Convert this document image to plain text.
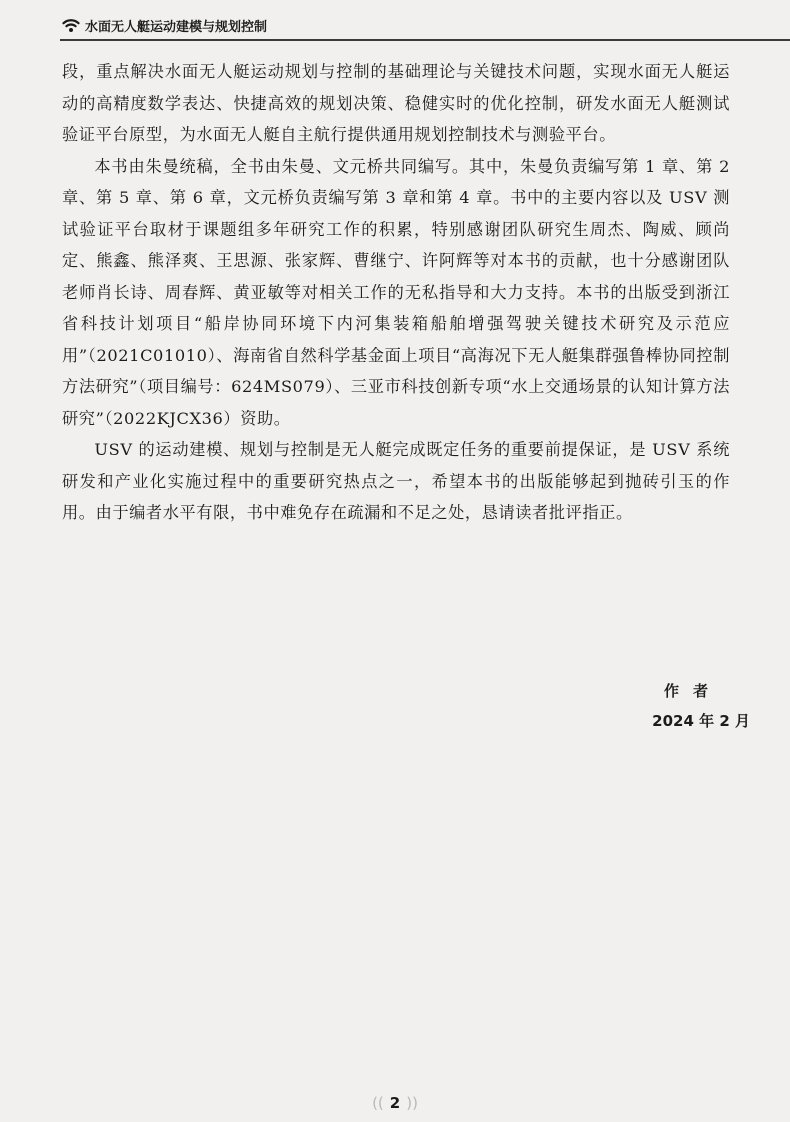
水面无人艇运动建模与规划控制

段，重点解决水面无人艇运动规划与控制的基础理论与关键技术问题，实现水面无人艇运动的高精度数学表达、快捷高效的规划决策、稳健实时的优化控制，研发水面无人艇测试验证平台原型，为水面无人艇自主航行提供通用规划控制技术与测验平台。

本书由朱曼统稿，全书由朱曼、文元桥共同编写。其中，朱曼负责编写第 1 章、第 2 章、第 5 章、第 6 章，文元桥负责编写第 3 章和第 4 章。书中的主要内容以及 USV 测试验证平台取材于课题组多年研究工作的积累，特别感谢团队研究生周杰、陶威、顾尚定、熊鑫、熊泽爽、王思源、张家辉、曹继宁、许阿辉等对本书的贡献，也十分感谢团队老师肖长诗、周春辉、黄亚敏等对相关工作的无私指导和大力支持。本书的出版受到浙江省科技计划项目“船岸协同环境下内河集装箱船舶增强驾驶关键技术研究及示范应用”（2021C01010）、海南省自然科学基金面上项目“高海况下无人艇集群强鲁棒协同控制方法研究”（项目编号：624MS079）、三亚市科技创新专项“水上交通场景的认知计算方法研究”（2022KJCX36）资助。

USV 的运动建模、规划与控制是无人艇完成既定任务的重要前提保证，是 USV 系统研发和产业化实施过程中的重要研究热点之一，希望本书的出版能够起到抛砖引玉的作用。由于编者水平有限，书中难免存在疏漏和不足之处，恳请读者批评指正。

作者
2024 年 2 月
(( 2 ))
